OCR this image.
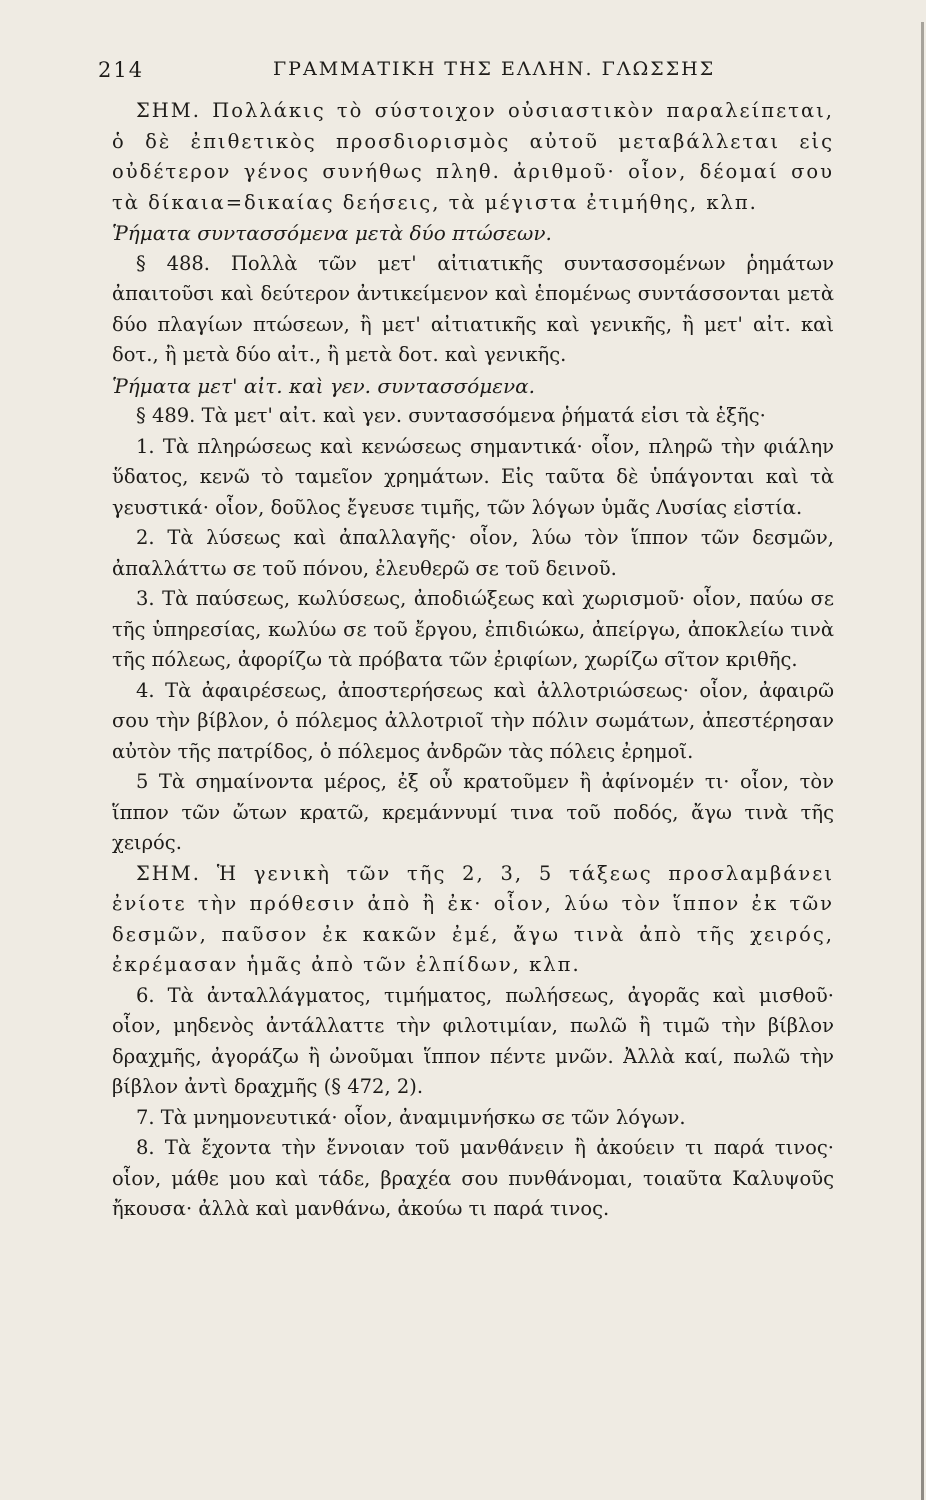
214	ΓΡΑΜΜΑΤΙΚΗ ΤΗΣ ΕΛΛΗΝ. ΓΛΩΣΣΗΣ

ΣΗΜ. Πολλάκις τὸ σύστοιχον οὐσιαστικὸν παραλείπεται, ὁ δὲ ἐπιθετικὸς προσδιορισμὸς αὐτοῦ μεταβάλλεται εἰς οὐδέτερον γένος συνήθως πληθ. ἀριθμοῦ· οἷον, δέομαί σου τὰ δίκαια=δικαίας δεήσεις, τὰ μέγιστα ἐτιμήθης, κλπ.

Ῥήματα συντασσόμενα μετὰ δύο πτώσεων.

§ 488. Πολλὰ τῶν μετ' αἰτιατικῆς συντασσομένων ῥημάτων ἀπαιτοῦσι καὶ δεύτερον ἀντικείμενον καὶ ἑπομένως συντάσσονται μετὰ δύο πλαγίων πτώσεων, ἢ μετ' αἰτιατικῆς καὶ γενικῆς, ἢ μετ' αἰτ. καὶ δοτ., ἢ μετὰ δύο αἰτ., ἢ μετὰ δοτ. καὶ γενικῆς.

Ῥήματα μετ' αἰτ. καὶ γεν. συντασσόμενα.

§ 489. Τὰ μετ' αἰτ. καὶ γεν. συντασσόμενα ῥήματά εἰσι τὰ ἑξῆς·

1. Τὰ πληρώσεως καὶ κενώσεως σημαντικά· οἷον, πληρῶ τὴν φιάλην ὕδατος, κενῶ τὸ ταμεῖον χρημάτων. Εἰς ταῦτα δὲ ὑπάγονται καὶ τὰ γευστικά· οἷον, δοῦλος ἔγευσε τιμῆς, τῶν λόγων ὑμᾶς Λυσίας εἱστία.

2. Τὰ λύσεως καὶ ἀπαλλαγῆς· οἷον, λύω τὸν ἵππον τῶν δεσμῶν, ἀπαλλάττω σε τοῦ πόνου, ἐλευθερῶ σε τοῦ δεινοῦ.

3. Τὰ παύσεως, κωλύσεως, ἀποδιώξεως καὶ χωρισμοῦ· οἷον, παύω σε τῆς ὑπηρεσίας, κωλύω σε τοῦ ἔργου, ἐπιδιώκω, ἀπείργω, ἀποκλείω τινὰ τῆς πόλεως, ἀφορίζω τὰ πρόβατα τῶν ἐριφίων, χωρίζω σῖτον κριθῆς.

4. Τὰ ἀφαιρέσεως, ἀποστερήσεως καὶ ἀλλοτριώσεως· οἷον, ἀφαιρῶ σου τὴν βίβλον, ὁ πόλεμος ἀλλοτριοῖ τὴν πόλιν σωμάτων, ἀπεστέρησαν αὐτὸν τῆς πατρίδος, ὁ πόλεμος ἀνδρῶν τὰς πόλεις ἐρημοῖ.

5 Τὰ σημαίνοντα μέρος, ἐξ οὗ κρατοῦμεν ἢ ἀφίνομέν τι· οἷον, τὸν ἵππον τῶν ὤτων κρατῶ, κρεμάννυμί τινα τοῦ ποδός, ἄγω τινὰ τῆς χειρός.

ΣΗΜ. Ἡ γενικὴ τῶν τῆς 2, 3, 5 τάξεως προσλαμβάνει ἐνίοτε τὴν πρόθεσιν ἀπὸ ἢ ἐκ· οἷον, λύω τὸν ἵππον ἐκ τῶν δεσμῶν, παῦσον ἐκ κακῶν ἐμέ, ἄγω τινὰ ἀπὸ τῆς χειρός, ἐκρέμασαν ἡμᾶς ἀπὸ τῶν ἐλπίδων, κλπ.

6. Τὰ ἀνταλλάγματος, τιμήματος, πωλήσεως, ἀγορᾶς καὶ μισθοῦ· οἷον, μηδενὸς ἀντάλλαττε τὴν φιλοτιμίαν, πωλῶ ἢ τιμῶ τὴν βίβλον δραχμῆς, ἀγοράζω ἢ ὠνοῦμαι ἵππον πέντε μνῶν. Ἀλλὰ καί, πωλῶ τὴν βίβλον ἀντὶ δραχμῆς (§ 472, 2).

7. Τὰ μνημονευτικά· οἷον, ἀναμιμνήσκω σε τῶν λόγων.

8. Τὰ ἔχοντα τὴν ἔννοιαν τοῦ μανθάνειν ἢ ἀκούειν τι παρά τινος· οἷον, μάθε μου καὶ τάδε, βραχέα σου πυνθάνομαι, τοιαῦτα Καλυψοῦς ἤκουσα· ἀλλὰ καὶ μανθάνω, ἀκούω τι παρά τινος.
